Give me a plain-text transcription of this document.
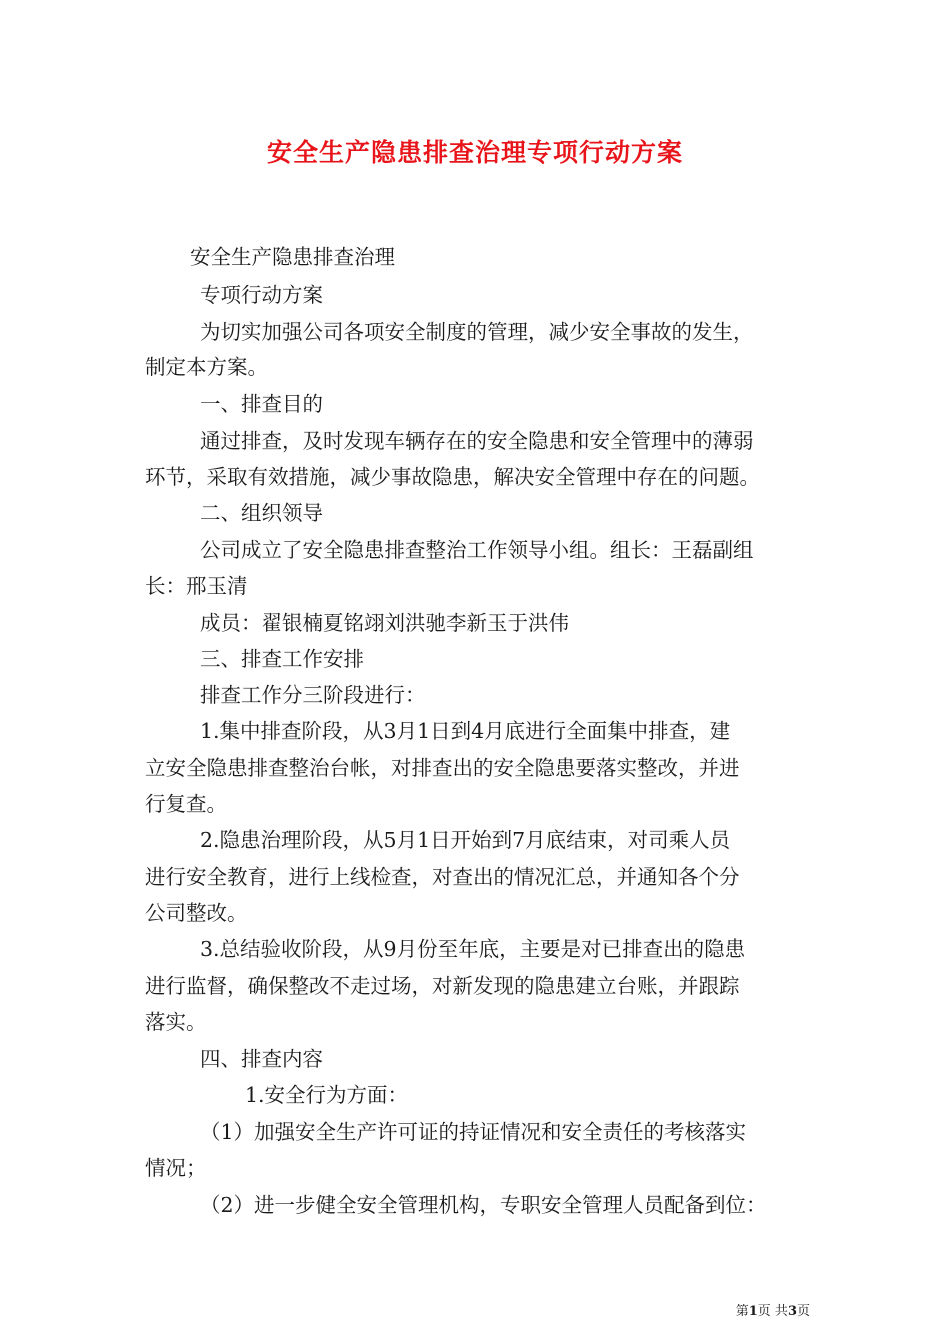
安全生产隐患排查治理专项行动方案
安全生产隐患排查治理
专项行动方案
为切实加强公司各项安全制度的管理，减少安全事故的发生，
制定本方案。
一、排查目的
通过排查，及时发现车辆存在的安全隐患和安全管理中的薄弱
环节，采取有效措施，减少事故隐患，解决安全管理中存在的问题。
二、组织领导
公司成立了安全隐患排查整治工作领导小组。组长：王磊副组
长：邢玉清
成员：翟银楠夏铭翊刘洪驰李新玉于洪伟
三、排查工作安排
排查工作分三阶段进行：
1.集中排查阶段，从3月1日到4月底进行全面集中排查，建
立安全隐患排查整治台帐，对排查出的安全隐患要落实整改，并进
行复查。
2.隐患治理阶段，从5月1日开始到7月底结束，对司乘人员
进行安全教育，进行上线检查，对查出的情况汇总，并通知各个分
公司整改。
3.总结验收阶段，从9月份至年底，主要是对已排查出的隐患
进行监督，确保整改不走过场，对新发现的隐患建立台账，并跟踪
落实。
四、排查内容
1.安全行为方面：
（1）加强安全生产许可证的持证情况和安全责任的考核落实
情况；
（2）进一步健全安全管理机构，专职安全管理人员配备到位：
第1页 共3页
